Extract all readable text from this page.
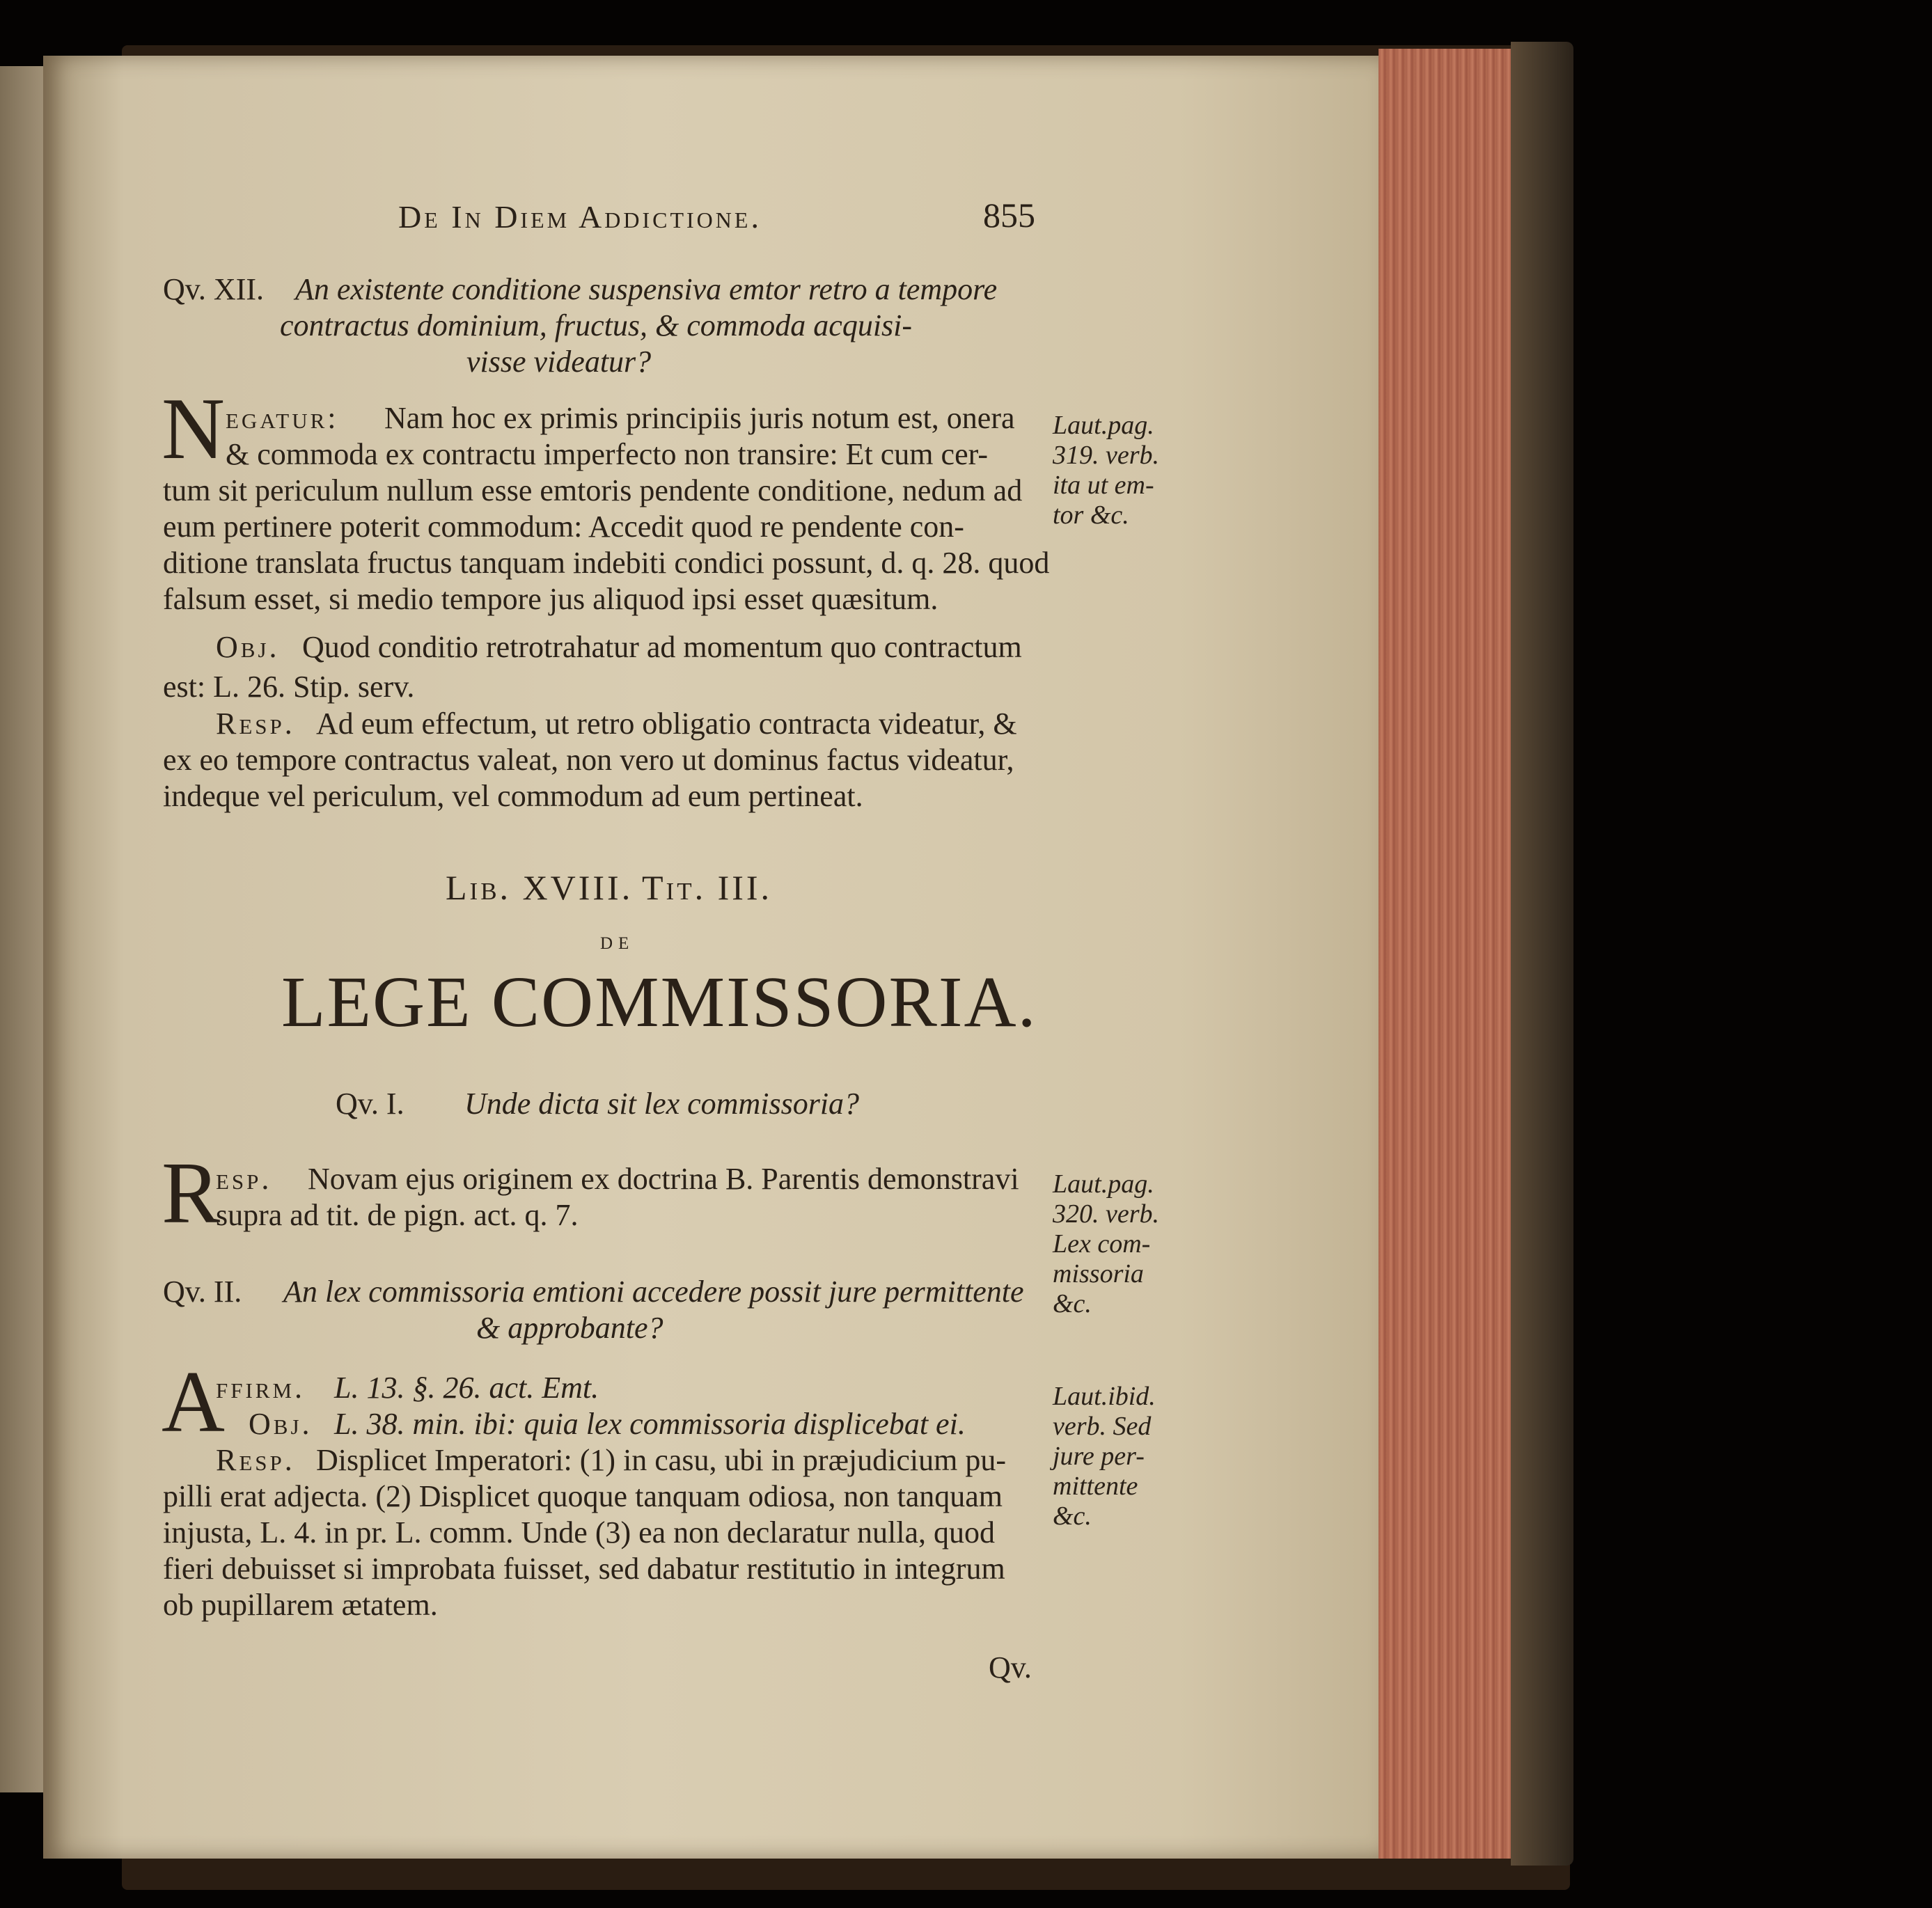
De In Diem Addictione.	855
Qv. XII. An existente conditione suspensiva emtor retro a tempore
contractus dominium, fructus, & commoda acquisi-
visse videatur?
N egatur: Nam hoc ex primis principiis juris notum est, onera
& commoda ex contractu imperfecto non transire: Et cum cer-
tum sit periculum nullum esse emtoris pendente conditione, nedum ad
eum pertinere poterit commodum: Accedit quod re pendente con-
ditione translata fructus tanquam indebiti condici possunt, d. q. 28. quod
falsum esset, si medio tempore jus aliquod ipsi esset quæsitum.
Laut.pag.
319. verb.
ita ut em-
tor &c.
Obj. Quod conditio retrotrahatur ad momentum quo contractum
est: L. 26. Stip. serv.
Resp. Ad eum effectum, ut retro obligatio contracta videatur, &
ex eo tempore contractus valeat, non vero ut dominus factus videatur,
indeque vel periculum, vel commodum ad eum pertineat.
Lib. XVIII. Tit. III.
de
LEGE COMMISSORIA.
Qv. I. Unde dicta sit lex commissoria?
R
esp. Novam ejus originem ex doctrina B. Parentis demonstravi
supra ad tit. de pign. act. q. 7.
Laut.pag.
320. verb.
Lex com-
missoria
&c.
Qv. II. An lex commissoria emtioni accedere possit jure permittente
& approbante?
A
ffirm. L. 13. §. 26. act. Emt.
Obj. L. 38. min. ibi: quia lex commissoria displicebat ei.
Resp. Displicet Imperatori: (1) in casu, ubi in præjudicium pu-
pilli erat adjecta. (2) Displicet quoque tanquam odiosa, non tanquam
injusta, L. 4. in pr. L. comm. Unde (3) ea non declaratur nulla, quod
fieri debuisset si improbata fuisset, sed dabatur restitutio in integrum
ob pupillarem ætatem.
Laut.ibid.
verb. Sed
jure per-
mittente
&c.
Qv.
